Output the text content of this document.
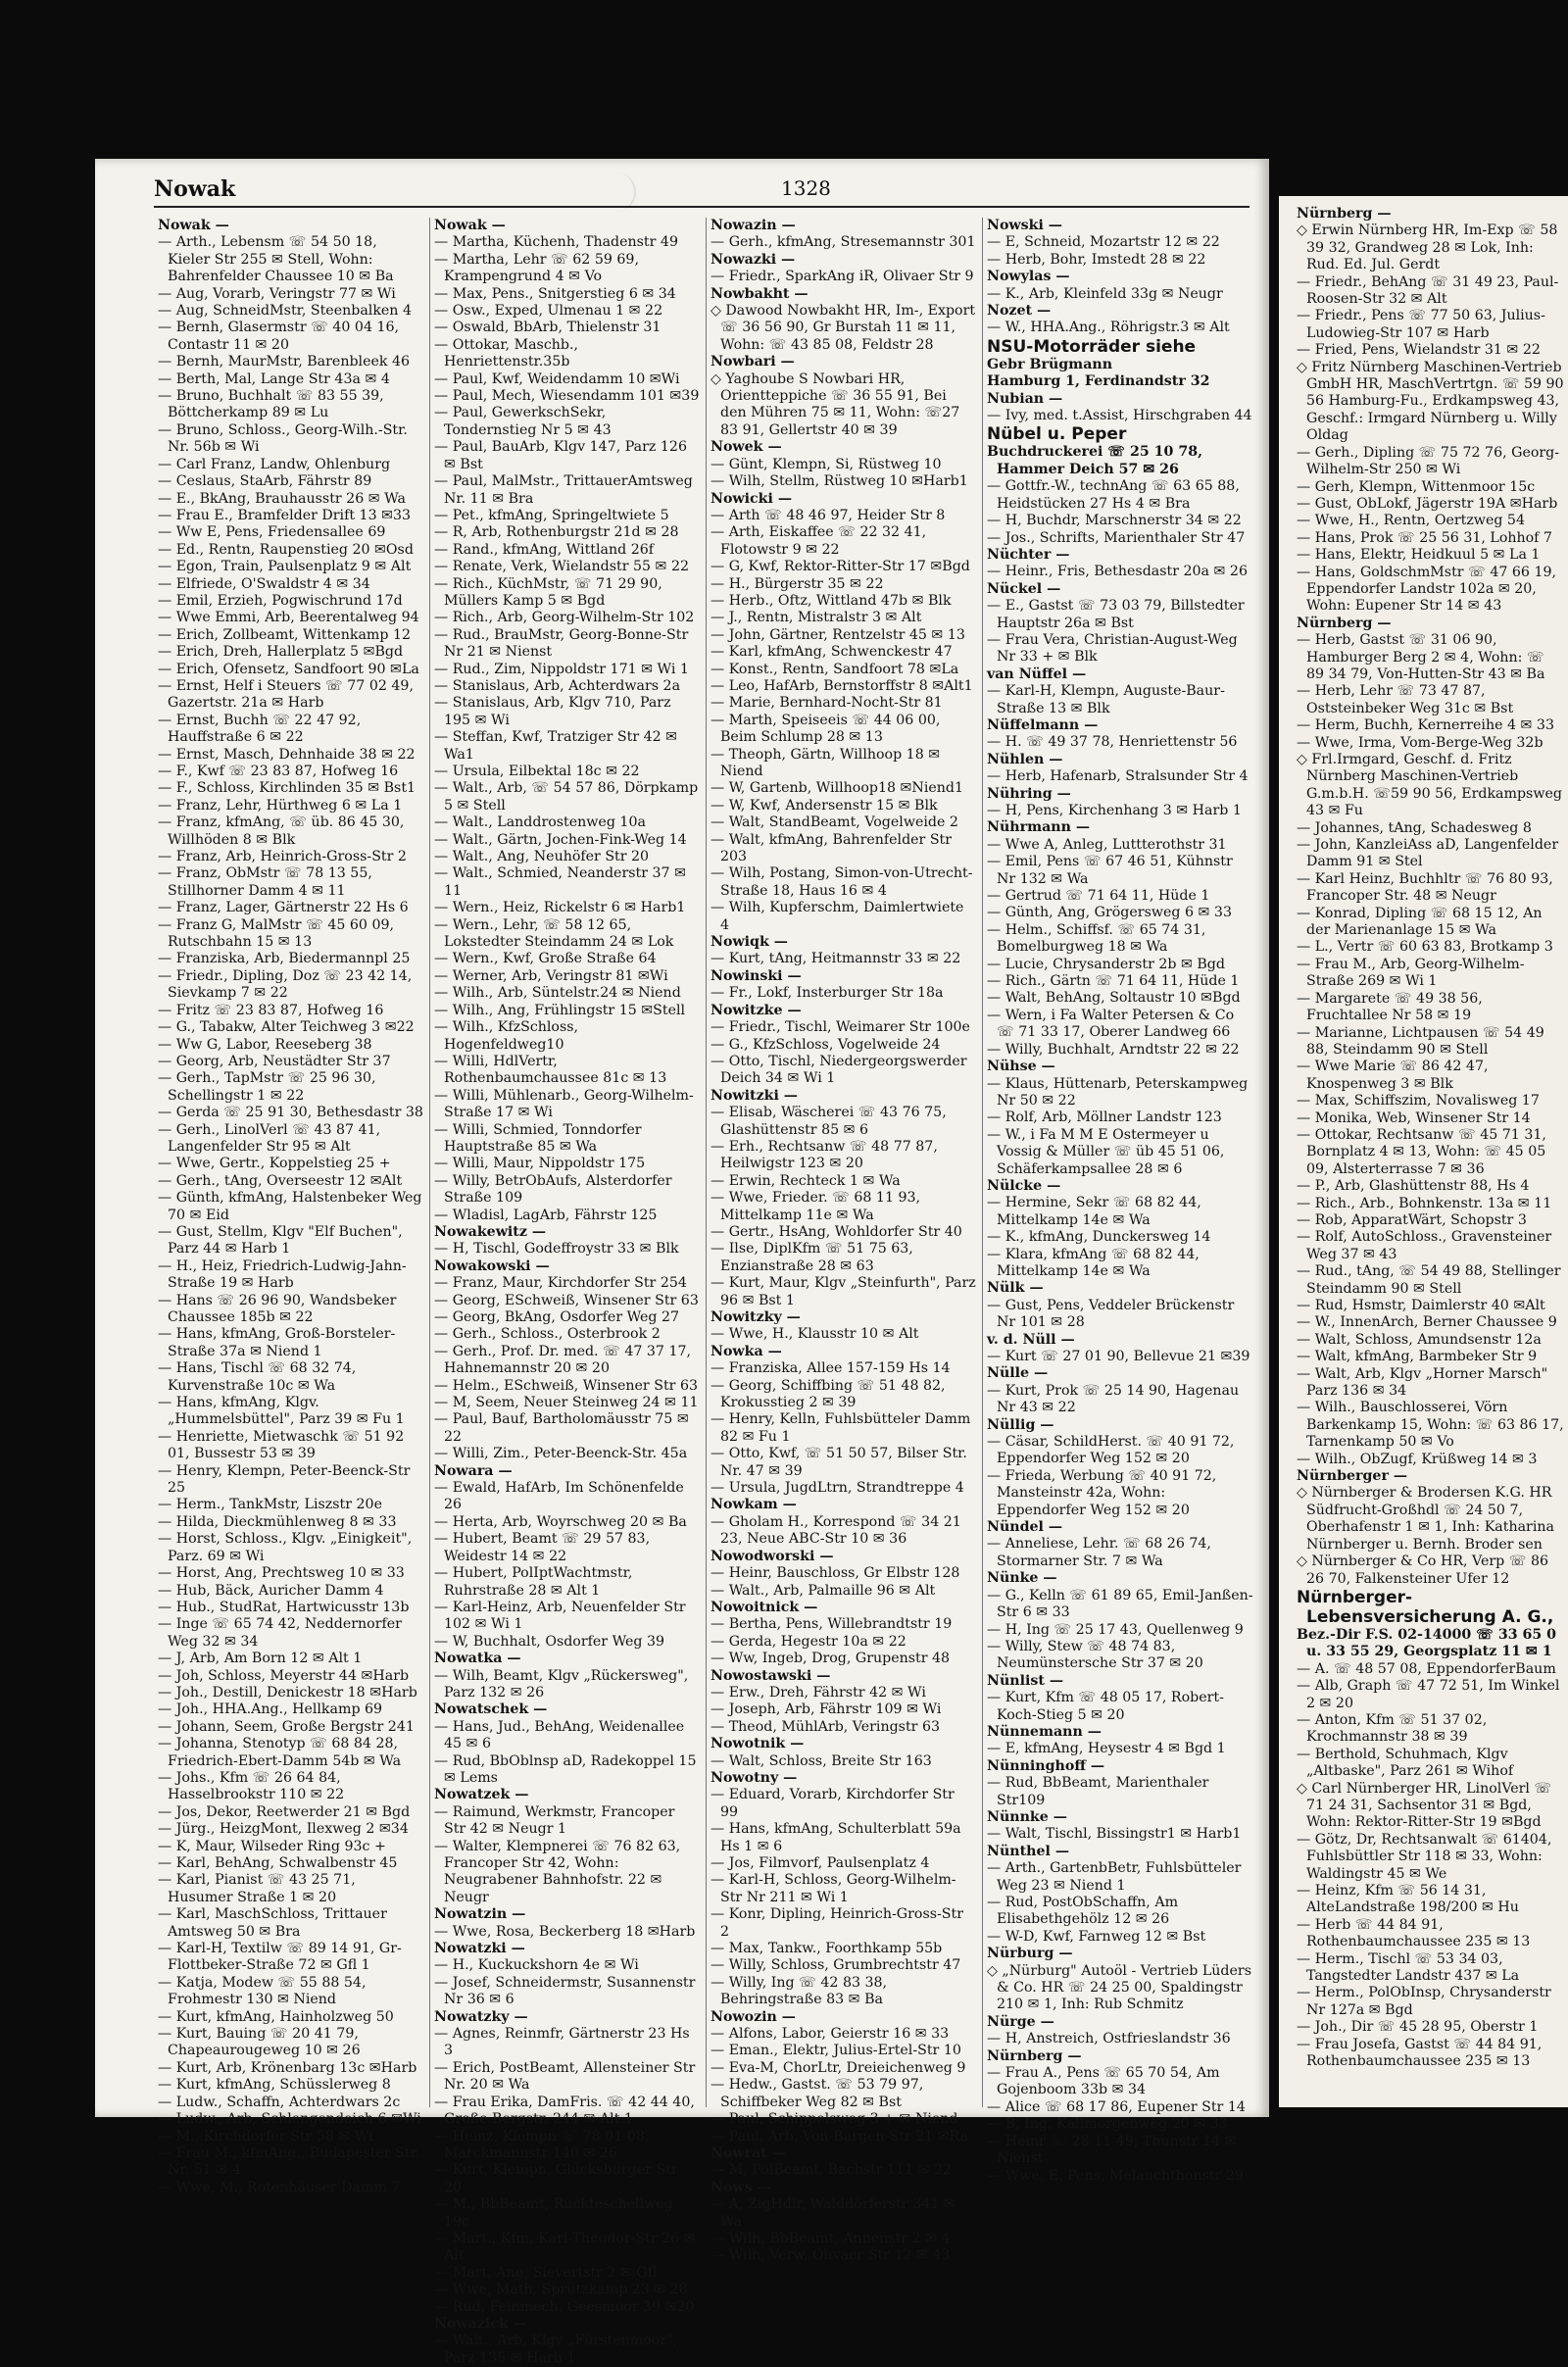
Nowak	1328

Nowak —

— Arth., Lebensm ☏ 54 50 18, Kieler Str 255 ✉ Stell, Wohn: Bahrenfelder Chaussee 10 ✉ Ba

— Aug, Vorarb, Veringstr 77 ✉ Wi

— Aug, SchneidMstr, Steenbalken 4

— Bernh, Glasermstr ☏ 40 04 16, Contastr 11 ✉ 20

— Bernh, MaurMstr, Barenbleek 46

— Berth, Mal, Lange Str 43a ✉ 4

— Bruno, Buchhalt ☏ 83 55 39, Böttcherkamp 89 ✉ Lu

— Bruno, Schloss., Georg-Wilh.-Str. Nr. 56b ✉ Wi

— Carl Franz, Landw, Ohlenburg

— Ceslaus, StaArb, Fährstr 89

— E., BkAng, Brauhausstr 26 ✉ Wa

— Frau E., Bramfelder Drift 13 ✉33

— Ww E, Pens, Friedensallee 69

— Ed., Rentn, Raupenstieg 20 ✉Osd

— Egon, Train, Paulsenplatz 9 ✉ Alt

— Elfriede, O'Swaldstr 4 ✉ 34

— Emil, Erzieh, Pogwischrund 17d

— Wwe Emmi, Arb, Beerentalweg 94

— Erich, Zollbeamt, Wittenkamp 12

— Erich, Dreh, Hallerplatz 5 ✉Bgd

— Erich, Ofensetz, Sandfoort 90 ✉La

— Ernst, Helf i Steuers ☏ 77 02 49, Gazertstr. 21a ✉ Harb

— Ernst, Buchh ☏ 22 47 92, Hauffstraße 6 ✉ 22

— Ernst, Masch, Dehnhaide 38 ✉ 22

— F., Kwf ☏ 23 83 87, Hofweg 16

— F., Schloss, Kirchlinden 35 ✉ Bst1

— Franz, Lehr, Hürthweg 6 ✉ La 1

— Franz, kfmAng, ☏ üb. 86 45 30, Willhöden 8 ✉ Blk

— Franz, Arb, Heinrich-Gross-Str 2

— Franz, ObMstr ☏ 78 13 55, Stillhorner Damm 4 ✉ 11

— Franz, Lager, Gärtnerstr 22 Hs 6

— Franz G, MalMstr ☏ 45 60 09, Rutschbahn 15 ✉ 13

— Franziska, Arb, Biedermannpl 25

— Friedr., Dipling, Doz ☏ 23 42 14, Sievkamp 7 ✉ 22

— Fritz ☏ 23 83 87, Hofweg 16

— G., Tabakw, Alter Teichweg 3 ✉22

— Ww G, Labor, Reeseberg 38

— Georg, Arb, Neustädter Str 37

— Gerh., TapMstr ☏ 25 96 30, Schellingstr 1 ✉ 22

— Gerda ☏ 25 91 30, Bethesdastr 38

— Gerh., LinolVerl ☏ 43 87 41, Langenfelder Str 95 ✉ Alt

— Wwe, Gertr., Koppelstieg 25 +

— Gerh., tAng, Overseestr 12 ✉Alt

— Günth, kfmAng, Halstenbeker Weg 70 ✉ Eid

— Gust, Stellm, Klgv "Elf Buchen", Parz 44 ✉ Harb 1

— H., Heiz, Friedrich-Ludwig-Jahn-Straße 19 ✉ Harb

— Hans ☏ 26 96 90, Wandsbeker Chaussee 185b ✉ 22

— Hans, kfmAng, Groß-Borsteler-Straße 37a ✉ Niend 1

— Hans, Tischl ☏ 68 32 74, Kurvenstraße 10c ✉ Wa

— Hans, kfmAng, Klgv. „Hummelsbüttel", Parz 39 ✉ Fu 1

— Henriette, Mietwaschk ☏ 51 92 01, Bussestr 53 ✉ 39

— Henry, Klempn, Peter-Beenck-Str 25

— Herm., TankMstr, Liszstr 20e

— Hilda, Dieckmühlenweg 8 ✉ 33

— Horst, Schloss., Klgv. „Einigkeit", Parz. 69 ✉ Wi

— Horst, Ang, Prechtsweg 10 ✉ 33

— Hub, Bäck, Auricher Damm 4

— Hub., StudRat, Hartwicusstr 13b

— Inge ☏ 65 74 42, Neddernorfer Weg 32 ✉ 34

— J, Arb, Am Born 12 ✉ Alt 1

— Joh, Schloss, Meyerstr 44 ✉Harb

— Joh., Destill, Denickestr 18 ✉Harb

— Joh., HHA.Ang., Hellkamp 69

— Johann, Seem, Große Bergstr 241

— Johanna, Stenotyp ☏ 68 84 28, Friedrich-Ebert-Damm 54b ✉ Wa

— Johs., Kfm ☏ 26 64 84, Hasselbrookstr 110 ✉ 22

— Jos, Dekor, Reetwerder 21 ✉ Bgd

— Jürg., HeizgMont, Ilexweg 2 ✉34

— K, Maur, Wilseder Ring 93c +

— Karl, BehAng, Schwalbenstr 45

— Karl, Pianist ☏ 43 25 71, Husumer Straße 1 ✉ 20

— Karl, MaschSchloss, Trittauer Amtsweg 50 ✉ Bra

— Karl-H, Textilw ☏ 89 14 91, Gr-Flottbeker-Straße 72 ✉ Gfl 1

— Katja, Modew ☏ 55 88 54, Frohmestr 130 ✉ Niend

— Kurt, kfmAng, Hainholzweg 50

— Kurt, Bauing ☏ 20 41 79, Chapeaurougeweg 10 ✉ 26

— Kurt, Arb, Krönenbarg 13c ✉Harb

— Kurt, kfmAng, Schüsslerweg 8

— Ludw., Schaffn, Achterdwars 2c

— Ludw., Arb, Schlengendeich 6 ✉Wi

— M., Kirchdorfer Str 58 ✉ Wi

— Frau M., kfmAng., Budapester Str. Nr. 51 ✉ 4

— Wwe, M., Rotenhäuser Damm 7

Nowak —

— Martha, Küchenh, Thadenstr 49

— Martha, Lehr ☏ 62 59 69, Krampengrund 4 ✉ Vo

— Max, Pens., Snitgerstieg 6 ✉ 34

— Osw., Exped, Ulmenau 1 ✉ 22

— Oswald, BbArb, Thielenstr 31

— Ottokar, Maschb., Henriettenstr.35b

— Paul, Kwf, Weidendamm 10 ✉Wi

— Paul, Mech, Wiesendamm 101 ✉39

— Paul, GewerkschSekr, Tondernstieg Nr 5 ✉ 43

— Paul, BauArb, Klgv 147, Parz 126 ✉ Bst

— Paul, MalMstr., TrittauerAmtsweg Nr. 11 ✉ Bra

— Pet., kfmAng, Springeltwiete 5

— R, Arb, Rothenburgstr 21d ✉ 28

— Rand., kfmAng, Wittland 26f

— Renate, Verk, Wielandstr 55 ✉ 22

— Rich., KüchMstr, ☏ 71 29 90, Müllers Kamp 5 ✉ Bgd

— Rich., Arb, Georg-Wilhelm-Str 102

— Rud., BrauMstr, Georg-Bonne-Str Nr 21 ✉ Nienst

— Rud., Zim, Nippoldstr 171 ✉ Wi 1

— Stanislaus, Arb, Achterdwars 2a

— Stanislaus, Arb, Klgv 710, Parz 195 ✉ Wi

— Steffan, Kwf, Tratziger Str 42 ✉Wa1

— Ursula, Eilbektal 18c ✉ 22

— Walt., Arb, ☏ 54 57 86, Dörpkamp 5 ✉ Stell

— Walt., Landdrostenweg 10a

— Walt., Gärtn, Jochen-Fink-Weg 14

— Walt., Ang, Neuhöfer Str 20

— Walt., Schmied, Neanderstr 37 ✉11

— Wern., Heiz, Rickelstr 6 ✉ Harb1

— Wern., Lehr, ☏ 58 12 65, Lokstedter Steindamm 24 ✉ Lok

— Wern., Kwf, Große Straße 64

— Werner, Arb, Veringstr 81 ✉Wi

— Wilh., Arb, Süntelstr.24 ✉ Niend

— Wilh., Ang, Frühlingstr 15 ✉Stell

— Wilh., KfzSchloss, Hogenfeldweg10

— Willi, HdlVertr, Rothenbaumchaussee 81c ✉ 13

— Willi, Mühlenarb., Georg-Wilhelm-Straße 17 ✉ Wi

— Willi, Schmied, Tonndorfer Hauptstraße 85 ✉ Wa

— Willi, Maur, Nippoldstr 175

— Willy, BetrObAufs, Alsterdorfer Straße 109

— Wladisl, LagArb, Fährstr 125

Nowakewitz —

— H, Tischl, Godeffroystr 33 ✉ Blk

Nowakowski —

— Franz, Maur, Kirchdorfer Str 254

— Georg, ESchweiß, Winsener Str 63

— Georg, BkAng, Osdorfer Weg 27

— Gerh., Schloss., Osterbrook 2

— Gerh., Prof. Dr. med. ☏ 47 37 17, Hahnemannstr 20 ✉ 20

— Helm., ESchweiß, Winsener Str 63

— M, Seem, Neuer Steinweg 24 ✉ 11

— Paul, Bauf, Bartholomäusstr 75 ✉22

— Willi, Zim., Peter-Beenck-Str. 45a

Nowara —

— Ewald, HafArb, Im Schönenfelde 26

— Herta, Arb, Woyrschweg 20 ✉ Ba

— Hubert, Beamt ☏ 29 57 83, Weidestr 14 ✉ 22

— Hubert, PolIptWachtmstr, Ruhrstraße 28 ✉ Alt 1

— Karl-Heinz, Arb, Neuenfelder Str 102 ✉ Wi 1

— W, Buchhalt, Osdorfer Weg 39

Nowatka —

— Wilh, Beamt, Klgv „Rückersweg", Parz 132 ✉ 26

Nowatschek —

— Hans, Jud., BehAng, Weidenallee 45 ✉ 6

— Rud, BbOblnsp aD, Radekoppel 15 ✉ Lems

Nowatzek —

— Raimund, Werkmstr, Francoper Str 42 ✉ Neugr 1

— Walter, Klempnerei ☏ 76 82 63, Francoper Str 42, Wohn: Neugrabener Bahnhofstr. 22 ✉ Neugr

Nowatzin —

— Wwe, Rosa, Beckerberg 18 ✉Harb

Nowatzki —

— H., Kuckuckshorn 4e ✉ Wi

— Josef, Schneidermstr, Susannenstr Nr 36 ✉ 6

Nowatzky —

— Agnes, Reinmfr, Gärtnerstr 23 Hs 3

— Erich, PostBeamt, Allensteiner Str Nr. 20 ✉ Wa

— Frau Erika, DamFris. ☏ 42 44 40, Große Bergstr. 244 ✉ Alt 1

— Heinz, Klempn ☏ 78 01 08, Marckmannstr 140 ✉ 26

— Kurt, Klempn, Glücksburger Str 20

— M., BbBeamt, Ruckteschellweg 19c

— Mart., Kfm, Karl-Theodor-Str 26 ✉Alt

— Mart, Ang, Sievertstr 2 ✉ Gfl

— Wwe, Math, Sprützkamp 23 ✉ 28

— Rud, Feinmech, Geesmoor 39 ✉20

Nowazick —

— Walt., Arb, Klgv „Fürstenmoor", Parz 135 ✉ Harb 1

Nowazin —

— Gerh., kfmAng, Stresemannstr 301

Nowazki —

— Friedr., SparkAng iR, Olivaer Str 9

Nowbakht —

◇ Dawood Nowbakht HR, Im-, Export ☏ 36 56 90, Gr Burstah 11 ✉ 11, Wohn: ☏ 43 85 08, Feldstr 28

Nowbari —

◇ Yaghoube S Nowbari HR, Orientteppiche ☏ 36 55 91, Bei den Mühren 75 ✉ 11, Wohn: ☏27 83 91, Gellertstr 40 ✉ 39

Nowek —

— Günt, Klempn, Si, Rüstweg 10

— Wilh, Stellm, Rüstweg 10 ✉Harb1

Nowicki —

— Arth ☏ 48 46 97, Heider Str 8

— Arth, Eiskaffee ☏ 22 32 41, Flotowstr 9 ✉ 22

— G, Kwf, Rektor-Ritter-Str 17 ✉Bgd

— H., Bürgerstr 35 ✉ 22

— Herb., Oftz, Wittland 47b ✉ Blk

— J., Rentn, Mistralstr 3 ✉ Alt

— John, Gärtner, Rentzelstr 45 ✉ 13

— Karl, kfmAng, Schwenckestr 47

— Konst., Rentn, Sandfoort 78 ✉La

— Leo, HafArb, Bernstorffstr 8 ✉Alt1

— Marie, Bernhard-Nocht-Str 81

— Marth, Speiseeis ☏ 44 06 00, Beim Schlump 28 ✉ 13

— Theoph, Gärtn, Willhoop 18 ✉Niend

— W, Gartenb, Willhoop18 ✉Niend1

— W, Kwf, Andersenstr 15 ✉ Blk

— Walt, StandBeamt, Vogelweide 2

— Walt, kfmAng, Bahrenfelder Str 203

— Wilh, Postang, Simon-von-Utrecht-Straße 18, Haus 16 ✉ 4

— Wilh, Kupferschm, Daimlertwiete 4

Nowiqk —

— Kurt, tAng, Heitmannstr 33 ✉ 22

Nowinski —

— Fr., Lokf, Insterburger Str 18a

Nowitzke —

— Friedr., Tischl, Weimarer Str 100e

— G., KfzSchloss, Vogelweide 24

— Otto, Tischl, Niedergeorgswerder Deich 34 ✉ Wi 1

Nowitzki —

— Elisab, Wäscherei ☏ 43 76 75, Glashüttenstr 85 ✉ 6

— Erh., Rechtsanw ☏ 48 77 87, Heilwigstr 123 ✉ 20

— Erwin, Rechteck 1 ✉ Wa

— Wwe, Frieder. ☏ 68 11 93, Mittelkamp 11e ✉ Wa

— Gertr., HsAng, Wohldorfer Str 40

— Ilse, DiplKfm ☏ 51 75 63, Enzianstraße 28 ✉ 63

— Kurt, Maur, Klgv „Steinfurth", Parz 96 ✉ Bst 1

Nowitzky —

— Wwe, H., Klausstr 10 ✉ Alt

Nowka —

— Franziska, Allee 157-159 Hs 14

— Georg, Schiffbing ☏ 51 48 82, Krokusstieg 2 ✉ 39

— Henry, Kelln, Fuhlsbütteler Damm 82 ✉ Fu 1

— Otto, Kwf, ☏ 51 50 57, Bilser Str. Nr. 47 ✉ 39

— Ursula, JugdLtrn, Strandtreppe 4

Nowkam —

— Gholam H., Korrespond ☏ 34 21 23, Neue ABC-Str 10 ✉ 36

Nowodworski —

— Heinr, Bauschloss, Gr Elbstr 128

— Walt., Arb, Palmaille 96 ✉ Alt

Nowoitnick —

— Bertha, Pens, Willebrandtstr 19

— Gerda, Hegestr 10a ✉ 22

— Ww, Ingeb, Drog, Grupenstr 48

Nowostawski —

— Erw., Dreh, Fährstr 42 ✉ Wi

— Joseph, Arb, Fährstr 109 ✉ Wi

— Theod, MühlArb, Veringstr 63

Nowotnik —

— Walt, Schloss, Breite Str 163

Nowotny —

— Eduard, Vorarb, Kirchdorfer Str 99

— Hans, kfmAng, Schulterblatt 59a Hs 1 ✉ 6

— Jos, Filmvorf, Paulsenplatz 4

— Karl-H, Schloss, Georg-Wilhelm-Str Nr 211 ✉ Wi 1

— Konr, Dipling, Heinrich-Gross-Str 2

— Max, Tankw., Foorthkamp 55b

— Willy, Schloss, Grumbrechtstr 47

— Willy, Ing ☏ 42 83 38, Behringstraße 83 ✉ Ba

Nowozin —

— Alfons, Labor, Geierstr 16 ✉ 33

— Eman., Elektr, Julius-Ertel-Str 10

— Eva-M, ChorLtr, Dreieichenweg 9

— Hedw., Gastst. ☏ 53 79 97, Schiffbeker Weg 82 ✉ Bst

— Paul, Schippelsweg 3 + ✉ Niend

— Paul, Arb, Von-Bargen-Str 21 ✉Ra

Nowrat —

— M, PolBeamt, Bachstr 111 ✉ 22

Nows —

— A, ZigHdlr, Walddörferstr 341 ✉Wa

— Wilh, BbBeamt, Annenstr 2 ✉ 4

— Wilh, Verw, Olivaer Str 12 ✉ 43

Nowski —

— E, Schneid, Mozartstr 12 ✉ 22

— Herb, Bohr, Imstedt 28 ✉ 22

Nowylas —

— K., Arb, Kleinfeld 33g ✉ Neugr

Nozet —

— W., HHA.Ang., Röhrigstr.3 ✉ Alt

NSU-Motorräder siehe

Gebr Brügmann

Hamburg 1, Ferdinandstr 32

Nubian —

— Ivy, med. t.Assist, Hirschgraben 44

Nübel u. Peper

Buchdruckerei ☏ 25 10 78, Hammer Deich 57 ✉ 26

— Gottfr.-W., technAng ☏ 63 65 88, Heidstücken 27 Hs 4 ✉ Bra

— H, Buchdr, Marschnerstr 34 ✉ 22

— Jos., Schrifts, Marienthaler Str 47

Nüchter —

— Heinr., Fris, Bethesdastr 20a ✉ 26

Nückel —

— E., Gastst ☏ 73 03 79, Billstedter Hauptstr 26a ✉ Bst

— Frau Vera, Christian-August-Weg Nr 33 + ✉ Blk

van Nüffel —

— Karl-H, Klempn, Auguste-Baur-Straße 13 ✉ Blk

Nüffelmann —

— H. ☏ 49 37 78, Henriettenstr 56

Nühlen —

— Herb, Hafenarb, Stralsunder Str 4

Nühring —

— H, Pens, Kirchenhang 3 ✉ Harb 1

Nührmann —

— Wwe A, Anleg, Luttterothstr 31

— Emil, Pens ☏ 67 46 51, Kühnstr Nr 132 ✉ Wa

— Gertrud ☏ 71 64 11, Hüde 1

— Günth, Ang, Grögersweg 6 ✉ 33

— Helm., Schiffsf. ☏ 65 74 31, Bomelburgweg 18 ✉ Wa

— Lucie, Chrysanderstr 2b ✉ Bgd

— Rich., Gärtn ☏ 71 64 11, Hüde 1

— Walt, BehAng, Soltaustr 10 ✉Bgd

— Wern, i Fa Walter Petersen & Co ☏ 71 33 17, Oberer Landweg 66

— Willy, Buchhalt, Arndtstr 22 ✉ 22

Nühse —

— Klaus, Hüttenarb, Peterskampweg Nr 50 ✉ 22

— Rolf, Arb, Möllner Landstr 123

— W., i Fa M M E Ostermeyer u Vossig & Müller ☏ üb 45 51 06, Schäferkampsallee 28 ✉ 6

Nülcke —

— Hermine, Sekr ☏ 68 82 44, Mittelkamp 14e ✉ Wa

— K., kfmAng, Dunckersweg 14

— Klara, kfmAng ☏ 68 82 44, Mittelkamp 14e ✉ Wa

Nülk —

— Gust, Pens, Veddeler Brückenstr Nr 101 ✉ 28

v. d. Nüll —

— Kurt ☏ 27 01 90, Bellevue 21 ✉39

Nülle —

— Kurt, Prok ☏ 25 14 90, Hagenau Nr 43 ✉ 22

Nüllig —

— Cäsar, SchildHerst. ☏ 40 91 72, Eppendorfer Weg 152 ✉ 20

— Frieda, Werbung ☏ 40 91 72, Mansteinstr 42a, Wohn: Eppendorfer Weg 152 ✉ 20

Nündel —

— Anneliese, Lehr. ☏ 68 26 74, Stormarner Str. 7 ✉ Wa

Nünke —

— G., Kelln ☏ 61 89 65, Emil-Janßen-Str 6 ✉ 33

— H, Ing ☏ 25 17 43, Quellenweg 9

— Willy, Stew ☏ 48 74 83, Neumünstersche Str 37 ✉ 20

Nünlist —

— Kurt, Kfm ☏ 48 05 17, Robert-Koch-Stieg 5 ✉ 20

Nünnemann —

— E, kfmAng, Heysestr 4 ✉ Bgd 1

Nünninghoff —

— Rud, BbBeamt, Marienthaler Str109

Nünnke —

— Walt, Tischl, Bissingstr1 ✉ Harb1

Nünthel —

— Arth., GartenbBetr, Fuhlsbütteler Weg 23 ✉ Niend 1

— Rud, PostObSchaffn, Am Elisabethgehölz 12 ✉ 26

— W-D, Kwf, Farnweg 12 ✉ Bst

Nürburg —

◇ „Nürburg" Autoöl - Vertrieb Lüders & Co. HR ☏ 24 25 00, Spaldingstr 210 ✉ 1, Inh: Rub Schmitz

Nürge —

— H, Anstreich, Ostfrieslandstr 36

Nürnberg —

— Frau A., Pens ☏ 65 70 54, Am Gojenboom 33b ✉ 34

— Alice ☏ 68 17 86, Eupener Str 14

— B, Ing, Kallmorgenweg 20 ✉ 33

— Heinr ☏ 28 11 49, Thunstr 14 ✉ Nienst

— Wwe, E, Pens, Melanchthonstr 29

Nürnberg —

◇ Erwin Nürnberg HR, Im-Exp ☏ 58 39 32, Grandweg 28 ✉ Lok, Inh: Rud. Ed. Jul. Gerdt

— Friedr., BehAng ☏ 31 49 23, Paul-Roosen-Str 32 ✉ Alt

— Friedr., Pens ☏ 77 50 63, Julius-Ludowieg-Str 107 ✉ Harb

— Fried, Pens, Wielandstr 31 ✉ 22

◇ Fritz Nürnberg Maschinen-Vertrieb GmbH HR, MaschVertrtgn. ☏ 59 90 56 Hamburg-Fu., Erdkampsweg 43, Geschf.: Irmgard Nürnberg u. Willy Oldag

— Gerh., Dipling ☏ 75 72 76, Georg-Wilhelm-Str 250 ✉ Wi

— Gerh, Klempn, Wittenmoor 15c

— Gust, ObLokf, Jägerstr 19A ✉Harb

— Wwe, H., Rentn, Oertzweg 54

— Hans, Prok ☏ 25 56 31, Lohhof 7

— Hans, Elektr, Heidkuul 5 ✉ La 1

— Hans, GoldschmMstr ☏ 47 66 19, Eppendorfer Landstr 102a ✉ 20, Wohn: Eupener Str 14 ✉ 43

Nürnberg —

— Herb, Gastst ☏ 31 06 90, Hamburger Berg 2 ✉ 4, Wohn: ☏ 89 34 79, Von-Hutten-Str 43 ✉ Ba

— Herb, Lehr ☏ 73 47 87, Oststeinbeker Weg 31c ✉ Bst

— Herm, Buchh, Kernerreihe 4 ✉ 33

— Wwe, Irma, Vom-Berge-Weg 32b

◇ Frl.Irmgard, Geschf. d. Fritz Nürnberg Maschinen-Vertrieb G.m.b.H. ☏59 90 56, Erdkampsweg 43 ✉ Fu

— Johannes, tAng, Schadesweg 8

— John, KanzleiAss aD, Langenfelder Damm 91 ✉ Stel

— Karl Heinz, Buchhltr ☏ 76 80 93, Francoper Str. 48 ✉ Neugr

— Konrad, Dipling ☏ 68 15 12, An der Marienanlage 15 ✉ Wa

— L., Vertr ☏ 60 63 83, Brotkamp 3

— Frau M., Arb, Georg-Wilhelm-Straße 269 ✉ Wi 1

— Margarete ☏ 49 38 56, Fruchtallee Nr 58 ✉ 19

— Marianne, Lichtpausen ☏ 54 49 88, Steindamm 90 ✉ Stell

— Wwe Marie ☏ 86 42 47, Knospenweg 3 ✉ Blk

— Max, Schiffszim, Novalisweg 17

— Monika, Web, Winsener Str 14

— Ottokar, Rechtsanw ☏ 45 71 31, Bornplatz 4 ✉ 13, Wohn: ☏ 45 05 09, Alsterterrasse 7 ✉ 36

— P., Arb, Glashüttenstr 88, Hs 4

— Rich., Arb., Bohnkenstr. 13a ✉ 11

— Rob, ApparatWärt, Schopstr 3

— Rolf, AutoSchloss., Gravensteiner Weg 37 ✉ 43

— Rud., tAng, ☏ 54 49 88, Stellinger Steindamm 90 ✉ Stell

— Rud, Hsmstr, Daimlerstr 40 ✉Alt

— W., InnenArch, Berner Chaussee 9

— Walt, Schloss, Amundsenstr 12a

— Walt, kfmAng, Barmbeker Str 9

— Walt, Arb, Klgv „Horner Marsch" Parz 136 ✉ 34

— Wilh., Bauschlosserei, Vörn Barkenkamp 15, Wohn: ☏ 63 86 17, Tarnenkamp 50 ✉ Vo

— Wilh., ObZugf, Krüßweg 14 ✉ 3

Nürnberger —

◇ Nürnberger & Brodersen K.G. HR Südfrucht-Großhdl ☏ 24 50 7, Oberhafenstr 1 ✉ 1, Inh: Katharina Nürnberger u. Bernh. Broder sen

◇ Nürnberger & Co HR, Verp ☏ 86 26 70, Falkensteiner Ufer 12

Nürnberger-Lebensversicherung A. G.,

Bez.-Dir F.S. 02-14000 ☏ 33 65 0 u. 33 55 29, Georgsplatz 11 ✉ 1

— A. ☏ 48 57 08, EppendorferBaum

— Alb, Graph ☏ 47 72 51, Im Winkel 2 ✉ 20

— Anton, Kfm ☏ 51 37 02, Krochmannstr 38 ✉ 39

— Berthold, Schuhmach, Klgv „Altbaske", Parz 261 ✉ Wihof

◇ Carl Nürnberger HR, LinolVerl ☏ 71 24 31, Sachsentor 31 ✉ Bgd, Wohn: Rektor-Ritter-Str 19 ✉Bgd

— Götz, Dr, Rechtsanwalt ☏ 61404, Fuhlsbüttler Str 118 ✉ 33, Wohn: Waldingstr 45 ✉ We

— Heinz, Kfm ☏ 56 14 31, AlteLandstraße 198/200 ✉ Hu

— Herb ☏ 44 84 91, Rothenbaumchaussee 235 ✉ 13

— Herm., Tischl ☏ 53 34 03, Tangstedter Landstr 437 ✉ La

— Herm., PolObInsp, Chrysanderstr Nr 127a ✉ Bgd

— Joh., Dir ☏ 45 28 95, Oberstr 1

— Frau Josefa, Gastst ☏ 44 84 91, Rothenbaumchaussee 235 ✉ 13
